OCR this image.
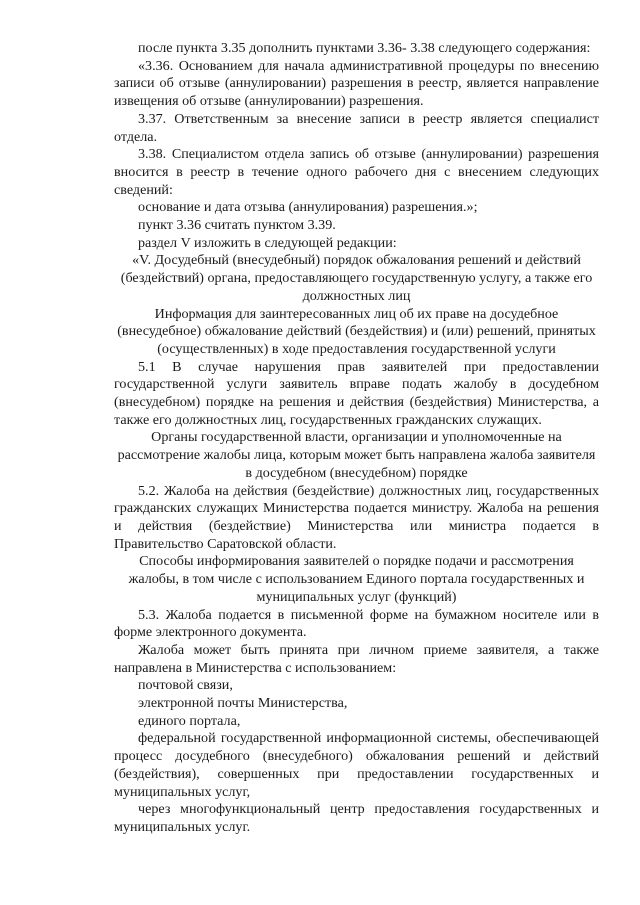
после пункта 3.35 дополнить пунктами 3.36- 3.38 следующего содержания:

«3.36. Основанием для начала административной процедуры по внесению записи об отзыве (аннулировании) разрешения в реестр, является направление извещения об отзыве (аннулировании) разрешения.

3.37. Ответственным за внесение записи в реестр является специалист отдела.

3.38. Специалистом отдела запись об отзыве (аннулировании) разрешения вносится в реестр в течение одного рабочего дня с внесением следующих сведений:

основание и дата отзыва (аннулирования) разрешения.»;

пункт 3.36 считать пунктом 3.39.

раздел V изложить в следующей редакции:

«V. Досудебный (внесудебный) порядок обжалования решений и действий (бездействий) органа, предоставляющего государственную услугу, а также его должностных лиц

Информация для заинтересованных лиц об их праве на досудебное (внесудебное) обжалование действий (бездействия) и (или) решений, принятых (осуществленных) в ходе предоставления государственной услуги

5.1 В случае нарушения прав заявителей при предоставлении государственной услуги заявитель вправе подать жалобу в досудебном (внесудебном) порядке на решения и действия (бездействия) Министерства, а также его должностных лиц, государственных гражданских служащих.

Органы государственной власти, организации и уполномоченные на рассмотрение жалобы лица, которым может быть направлена жалоба заявителя в досудебном (внесудебном) порядке

5.2. Жалоба на действия (бездействие) должностных лиц, государственных гражданских служащих Министерства подается министру. Жалоба на решения и действия (бездействие) Министерства или министра подается в Правительство Саратовской области.

Способы информирования заявителей о порядке подачи и рассмотрения жалобы, в том числе с использованием Единого портала государственных и муниципальных услуг (функций)

5.3. Жалоба подается в письменной форме на бумажном носителе или в форме электронного документа.

Жалоба может быть принята при личном приеме заявителя, а также направлена в Министерства с использованием:

почтовой связи,

электронной почты Министерства,

единого портала,

федеральной государственной информационной системы, обеспечивающей процесс досудебного (внесудебного) обжалования решений и действий (бездействия), совершенных при предоставлении государственных и муниципальных услуг,

через многофункциональный центр предоставления государственных и муниципальных услуг.
